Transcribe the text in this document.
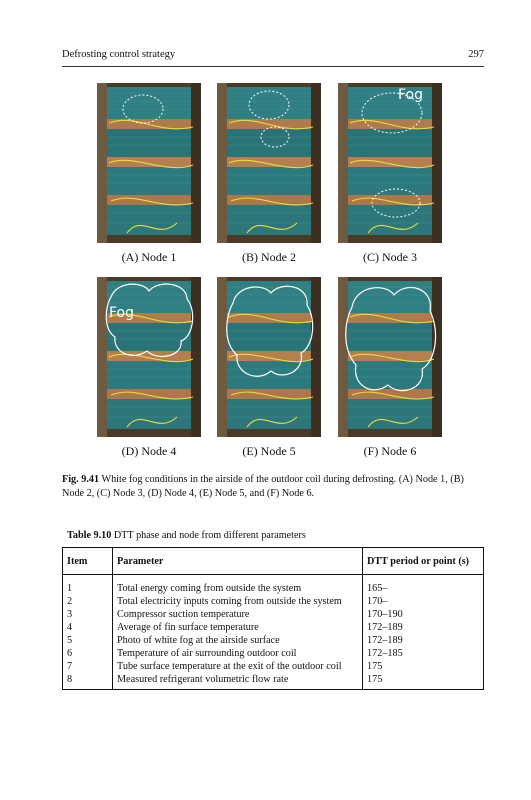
Defrosting control strategy	297
(A) Node 1	(B) Node 2
Fog
(C) Node 3
Fog
(D) Node 4	(E) Node 5	(F) Node 6
Fig. 9.41 White fog conditions in the airside of the outdoor coil during defrosting. (A) Node 1, (B) Node 2, (C) Node 3, (D) Node 4, (E) Node 5, and (F) Node 6.
Table 9.10 DTT phase and node from different parameters
Item	Parameter	DTT period or point (s)
1	Total energy coming from outside the system	165–
2	Total electricity inputs coming from outside the system	170–
3	Compressor suction temperature	170–190
4	Average of fin surface temperature	172–189
5	Photo of white fog at the airside surface	172–189
6	Temperature of air surrounding outdoor coil	172–185
7	Tube surface temperature at the exit of the outdoor coil	175
8	Measured refrigerant volumetric flow rate	175
